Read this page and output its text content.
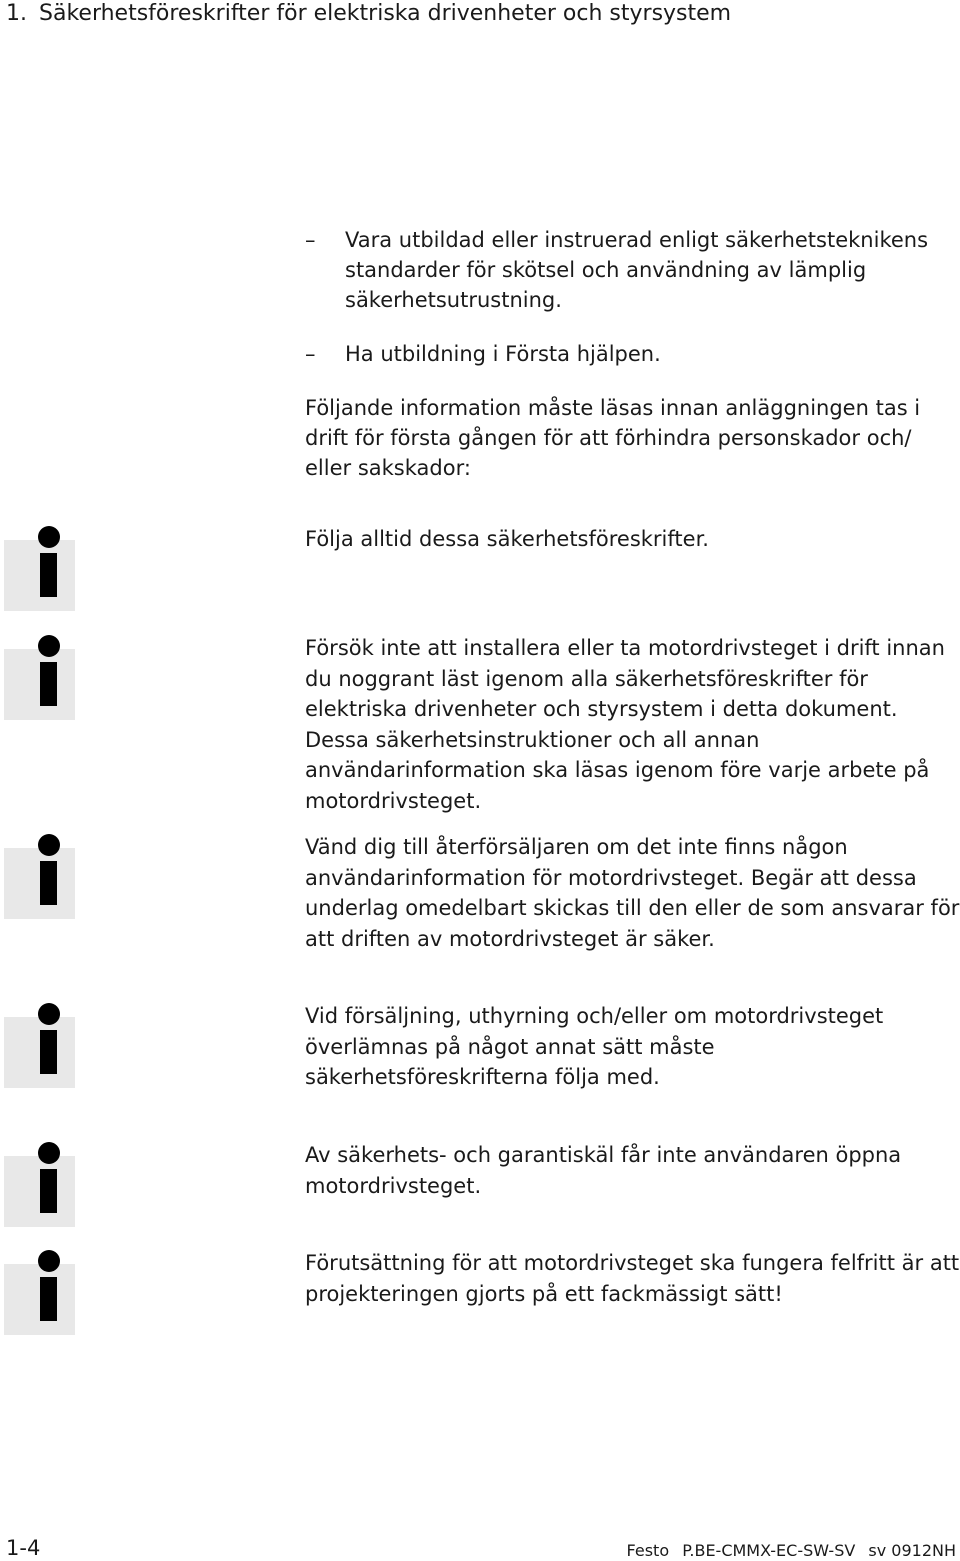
1. Säkerhetsföreskrifter för elektriska drivenheter och styrsystem
– Vara utbildad eller instruerad enligt säkerhetsteknikens standarder för skötsel och användning av lämplig säkerhetsutrustning.
– Ha utbildning i Första hjälpen.

Följande information måste läsas innan anläggningen tas i drift för första gången för att förhindra personskador och/ eller sakskador:

Följa alltid dessa säkerhetsföreskrifter.

Försök inte att installera eller ta motordrivsteget i drift innan du noggrant läst igenom alla säkerhetsföreskrifter för elektriska drivenheter och styrsystem i detta dokument. Dessa säkerhetsinstruktioner och all annan användarinformation ska läsas igenom före varje arbete på motordrivsteget.

Vänd dig till återförsäljaren om det inte finns någon användarinformation för motordrivsteget. Begär att dessa underlag omedelbart skickas till den eller de som ansvarar för att driften av motordrivsteget är säker.

Vid försäljning, uthyrning och/eller om motordrivsteget överlämnas på något annat sätt måste säkerhetsföreskrifterna följa med.

Av säkerhets- och garantiskäl får inte användaren öppna motordrivsteget.

Förutsättning för att motordrivsteget ska fungera felfritt är att projekteringen gjorts på ett fackmässigt sätt!

1-4	Festo P.BE-CMMX-EC-SW-SV sv 0912NH
